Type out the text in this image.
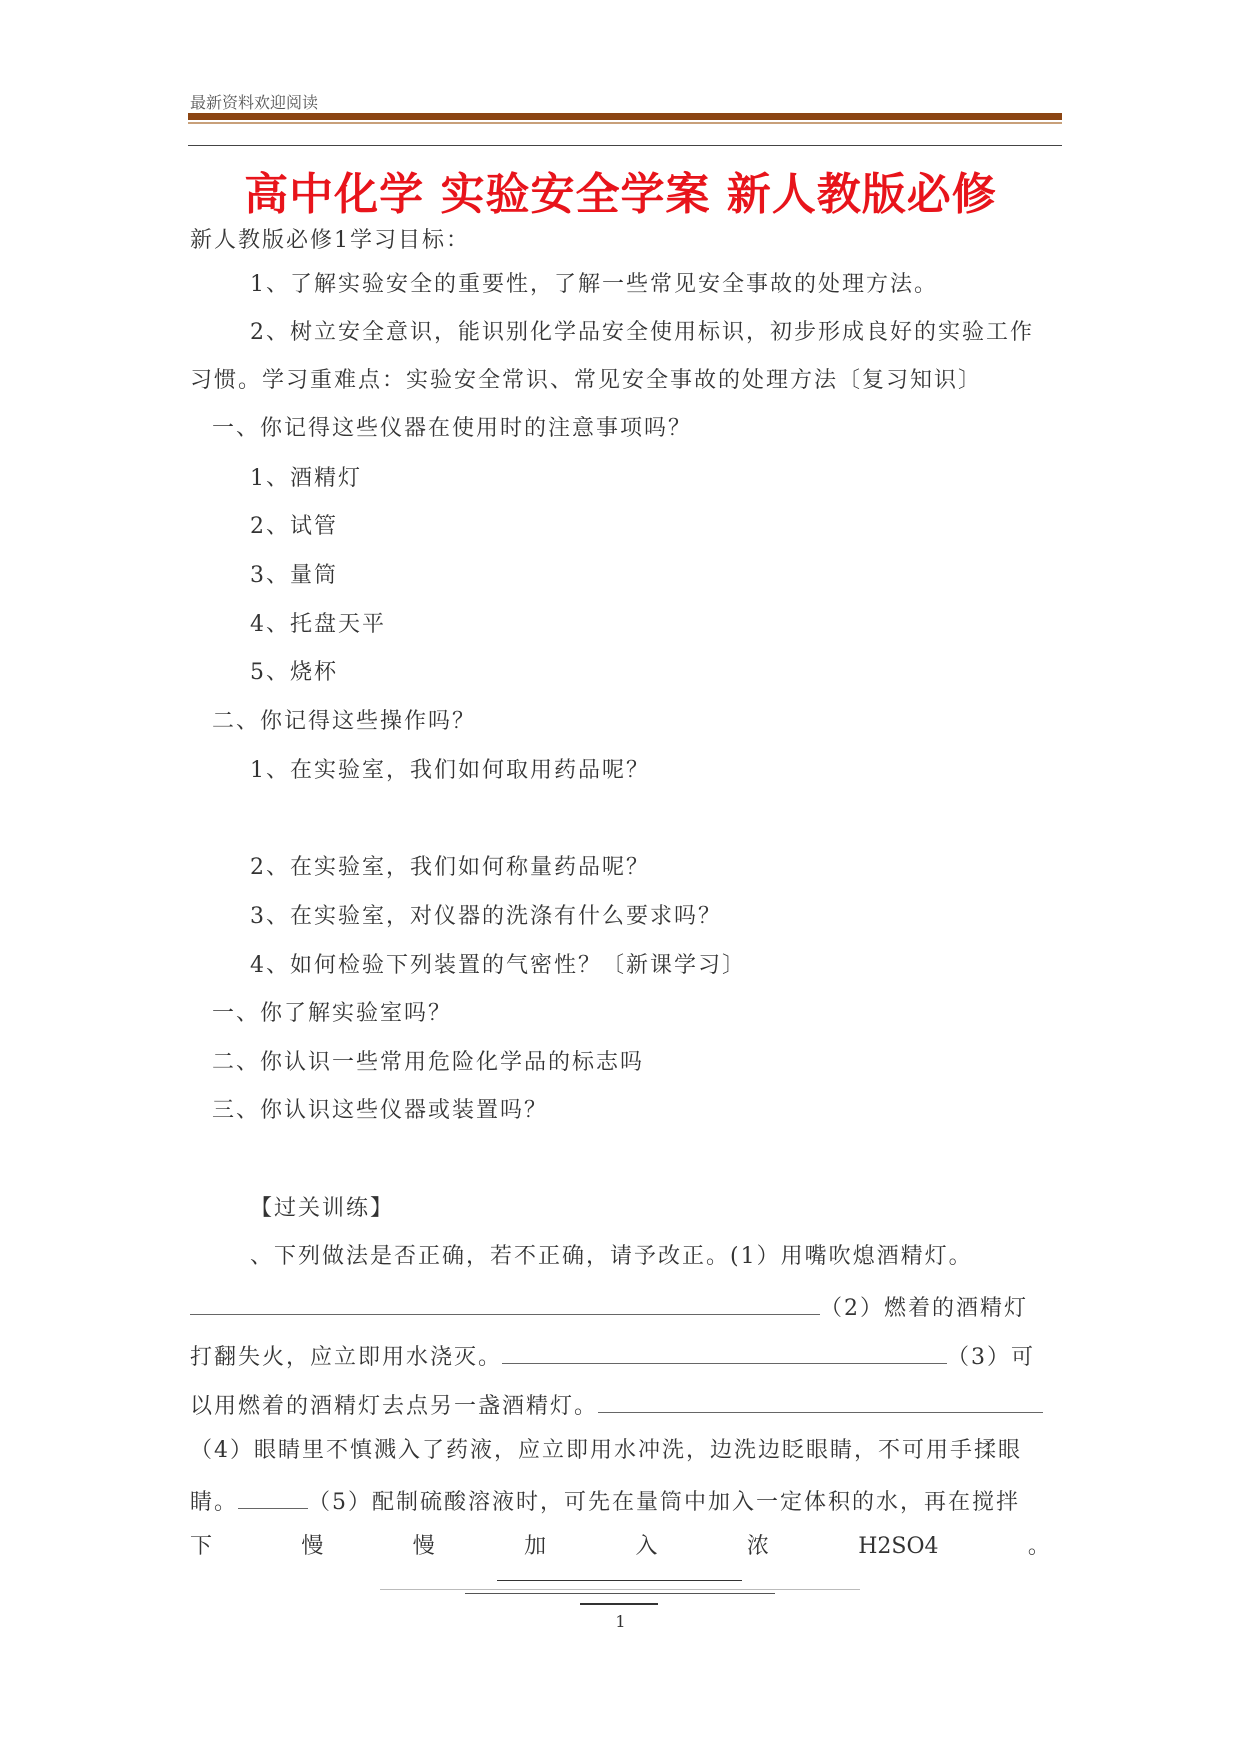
最新资料欢迎阅读
高中化学 实验安全学案 新人教版必修
新人教版必修1学习目标：
1、了解实验安全的重要性，了解一些常见安全事故的处理方法。
2、树立安全意识，能识别化学品安全使用标识，初步形成良好的实验工作
习惯。学习重难点：实验安全常识、常见安全事故的处理方法〔复习知识〕
一、你记得这些仪器在使用时的注意事项吗？
1、酒精灯
2、试管
3、量筒
4、托盘天平
5、烧杯
二、你记得这些操作吗？
1、在实验室，我们如何取用药品呢？
2、在实验室，我们如何称量药品呢？
3、在实验室，对仪器的洗涤有什么要求吗？
4、如何检验下列装置的气密性？〔新课学习〕
一、你了解实验室吗？
二、你认识一些常用危险化学品的标志吗
三、你认识这些仪器或装置吗？
【过关训练】
、下列做法是否正确，若不正确，请予改正。(1）用嘴吹熄酒精灯。
（2）燃着的酒精灯
打翻失火，应立即用水浇灭。	（3）可
以用燃着的酒精灯去点另一盏酒精灯。
（4）眼睛里不慎溅入了药液，应立即用水冲洗，边洗边眨眼睛，不可用手揉眼
睛。	（5）配制硫酸溶液时，可先在量筒中加入一定体积的水，再在搅拌
下	慢	慢	加	入	浓	H2SO4	。
1
